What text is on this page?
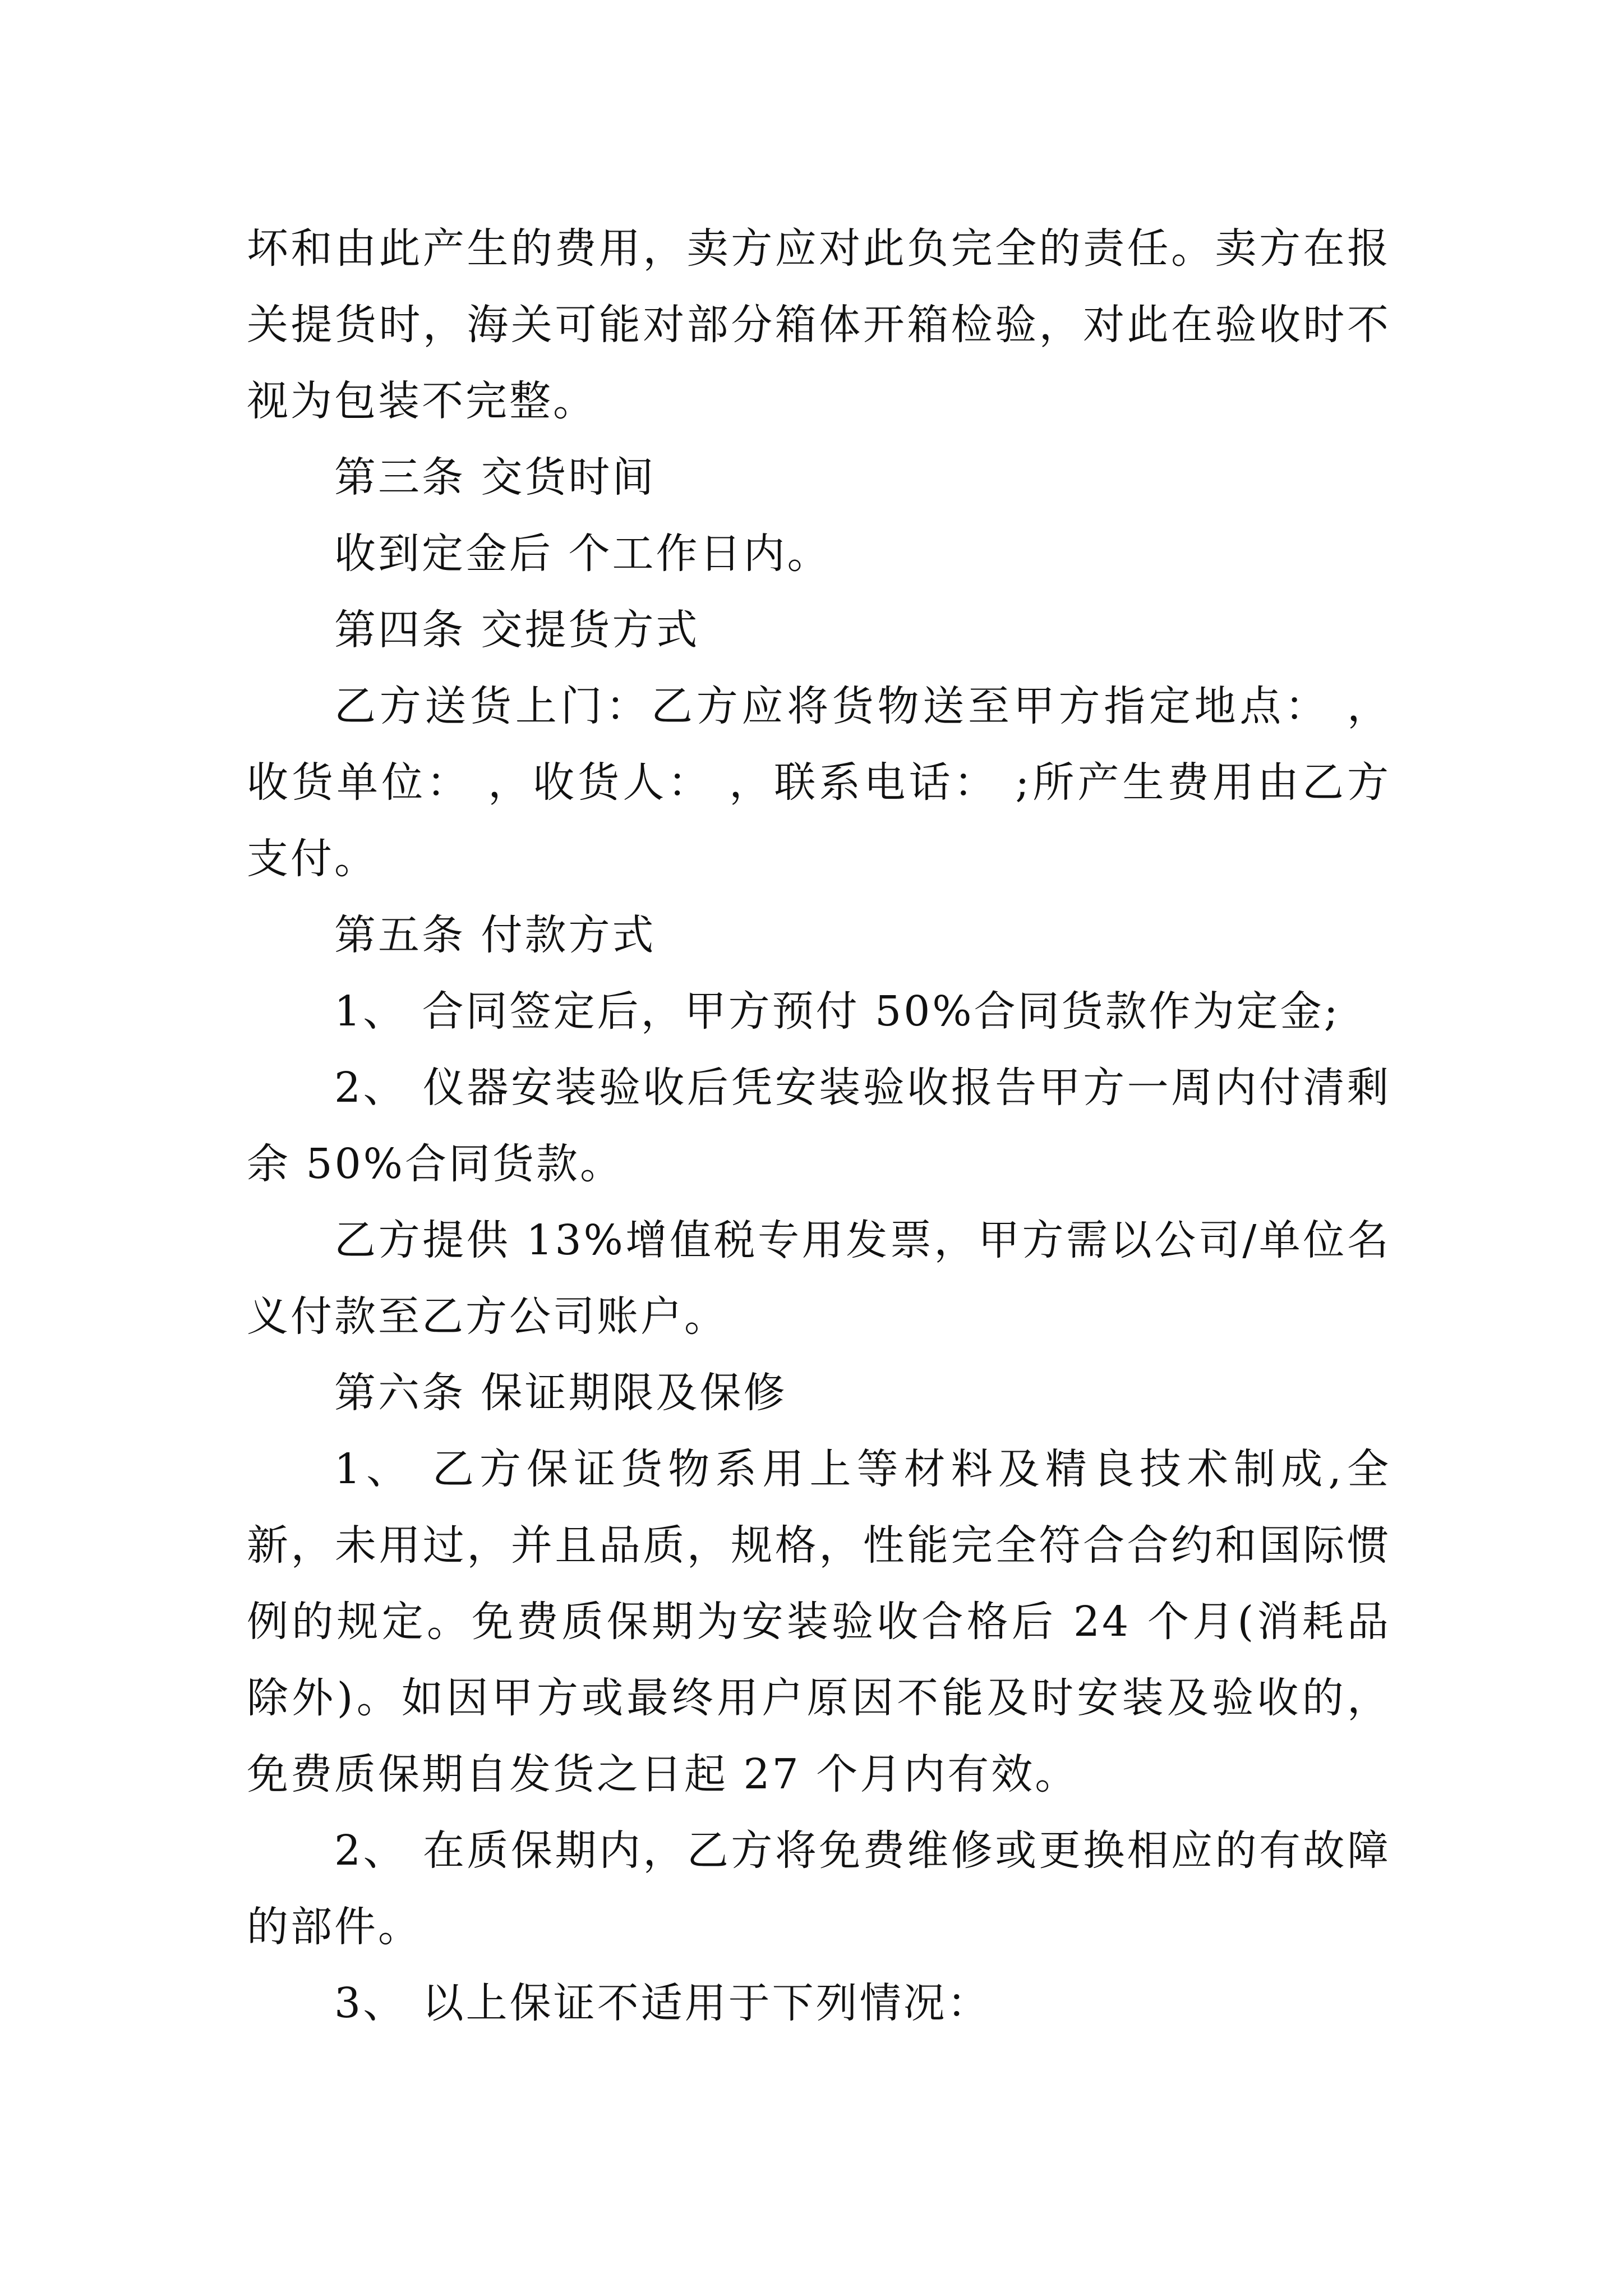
坏和由此产生的费用，卖方应对此负完全的责任。卖方在报关提货时，海关可能对部分箱体开箱检验，对此在验收时不视为包装不完整。

第三条 交货时间

收到定金后 个工作日内。

第四条 交提货方式

乙方送货上门：乙方应将货物送至甲方指定地点： ，收货单位： ，收货人： ，联系电话： ;所产生费用由乙方支付。

第五条 付款方式

1、 合同签定后，甲方预付 50%合同货款作为定金;

2、 仪器安装验收后凭安装验收报告甲方一周内付清剩余 50%合同货款。

乙方提供 13%增值税专用发票，甲方需以公司/单位名义付款至乙方公司账户。

第六条 保证期限及保修

1、 乙方保证货物系用上等材料及精良技术制成,全新，未用过，并且品质，规格，性能完全符合合约和国际惯例的规定。免费质保期为安装验收合格后 24 个月(消耗品除外)。如因甲方或最终用户原因不能及时安装及验收的，免费质保期自发货之日起 27 个月内有效。

2、 在质保期内，乙方将免费维修或更换相应的有故障的部件。

3、 以上保证不适用于下列情况：
